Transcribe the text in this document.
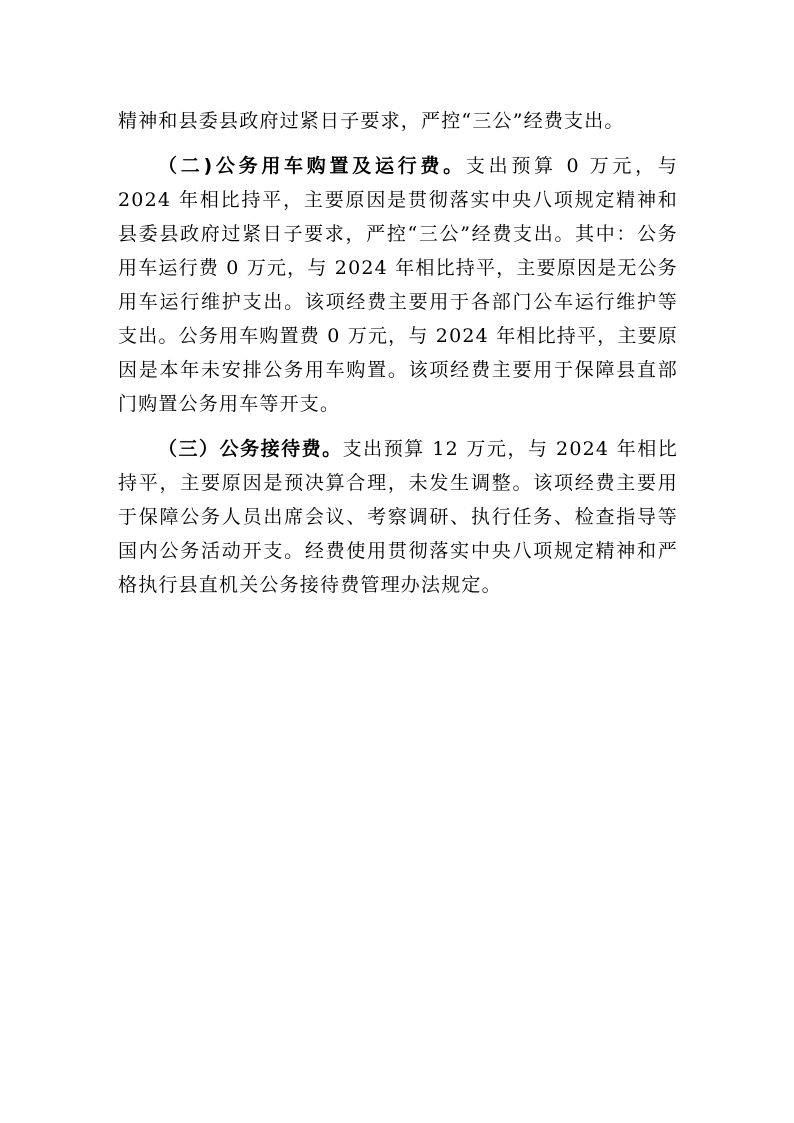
精神和县委县政府过紧日子要求，严控“三公”经费支出。

（二)公务用车购置及运行费。支出预算 0 万元，与 2024 年相比持平，主要原因是贯彻落实中央八项规定精神和县委县政府过紧日子要求，严控“三公”经费支出。其中：公务用车运行费 0 万元，与 2024 年相比持平，主要原因是无公务用车运行维护支出。该项经费主要用于各部门公车运行维护等支出。公务用车购置费 0 万元，与 2024 年相比持平，主要原因是本年未安排公务用车购置。该项经费主要用于保障县直部门购置公务用车等开支。

（三）公务接待费。支出预算 12 万元，与 2024 年相比持平，主要原因是预决算合理，未发生调整。该项经费主要用于保障公务人员出席会议、考察调研、执行任务、检查指导等国内公务活动开支。经费使用贯彻落实中央八项规定精神和严格执行县直机关公务接待费管理办法规定。
